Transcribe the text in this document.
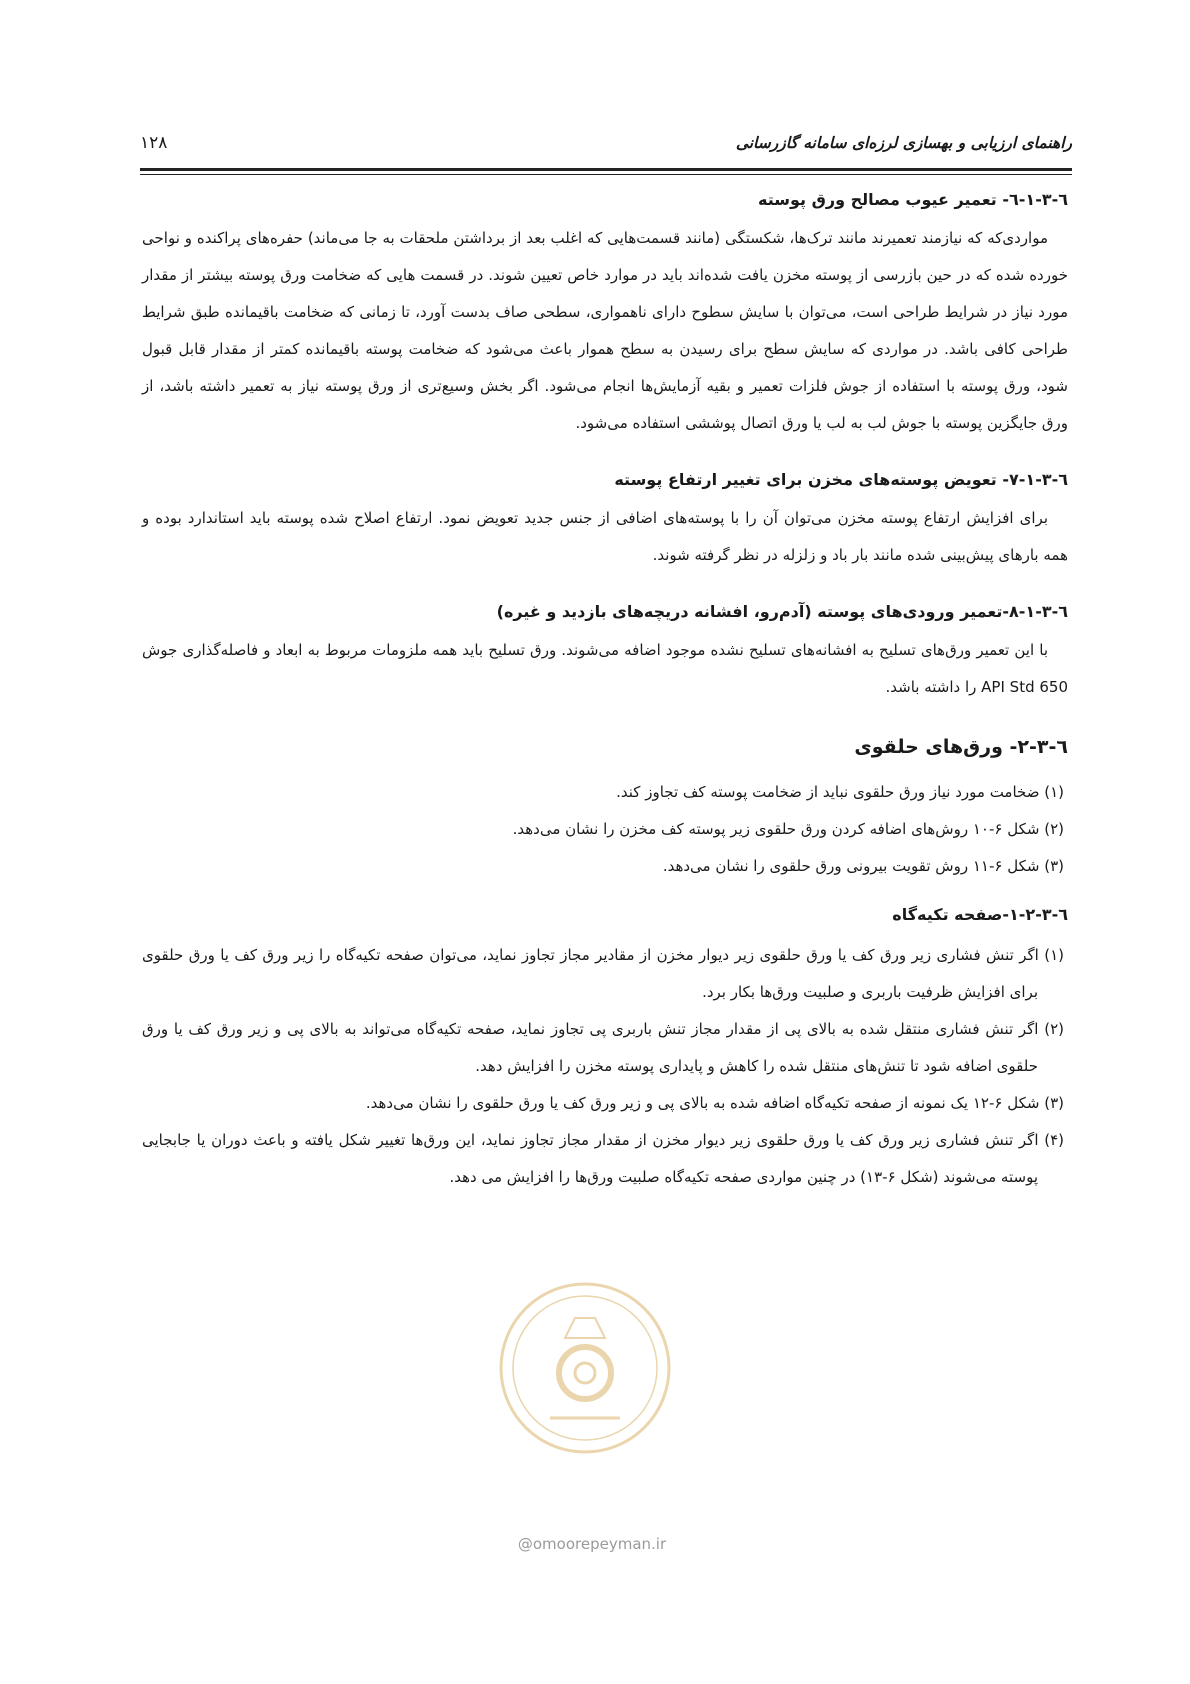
۱۲۸	راهنمای ارزیابی و بهسازی لرزه‌ای سامانه گازرسانی
٦-٣-١-٦- تعمیر عیوب مصالح ورق پوسته

مواردی‌که که نیازمند تعمیرند مانند ترک‌ها، شکستگی (مانند قسمت‌هایی که اغلب بعد از برداشتن ملحقات به جا می‌ماند) حفره‌های پراکنده و نواحی خورده شده که در حین بازرسی از پوسته مخزن یافت شده‌اند باید در موارد خاص تعیین شوند. در قسمت هایی که ضخامت ورق پوسته بیشتر از مقدار مورد نیاز در شرایط طراحی است، می‌توان با سایش سطوح دارای ناهمواری، سطحی صاف بدست آورد، تا زمانی که ضخامت باقیمانده طبق شرایط طراحی کافی باشد. در مواردی که سایش سطح برای رسیدن به سطح هموار باعث می‌شود که ضخامت پوسته باقیمانده کمتر از مقدار قابل قبول شود، ورق پوسته با استفاده از جوش فلزات تعمیر و بقیه آزمایش‌ها انجام می‌شود. اگر بخش وسیع‌تری از ورق پوسته نیاز به تعمیر داشته باشد، از ورق جایگزین پوسته با جوش لب به لب یا ورق اتصال پوششی استفاده می‌شود.

٦-٣-١-٧- تعویض پوسته‌های مخزن برای تغییر ارتفاع پوسته

برای افزایش ارتفاع پوسته مخزن می‌توان آن را با پوسته‌های اضافی از جنس جدید تعویض نمود. ارتفاع اصلاح شده پوسته باید استاندارد بوده و همه بارهای پیش‌بینی شده مانند بار باد و زلزله در نظر گرفته شوند.

٦-٣-١-٨-تعمیر ورودی‌های پوسته (آدم‌رو، افشانه دریچه‌های بازدید و غیره)

با این تعمیر ورق‌های تسلیح به افشانه‌های تسلیح نشده موجود اضافه می‌شوند. ورق تسلیح باید همه ملزومات مربوط به ابعاد و فاصله‌گذاری جوش API Std 650 را داشته باشد.

٦-٣-٢- ورق‌های حلقوی
(۱) ضخامت مورد نیاز ورق حلقوی نباید از ضخامت پوسته کف تجاوز کند.
(۲) شکل ۶-۱۰ روش‌های اضافه کردن ورق حلقوی زیر پوسته کف مخزن را نشان می‌دهد.
(۳) شکل ۶-۱۱ روش تقویت بیرونی ورق حلقوی را نشان می‌دهد.
٦-٣-٢-١-صفحه تکیه‌گاه
(۱) اگر تنش فشاری زیر ورق کف یا ورق حلقوی زیر دیوار مخزن از مقادیر مجاز تجاوز نماید، می‌توان صفحه تکیه‌گاه را زیر ورق کف یا ورق حلقوی برای افزایش ظرفیت باربری و صلبیت ورق‌ها بکار برد.
(۲) اگر تنش فشاری منتقل شده به بالای پی از مقدار مجاز تنش باربری پی تجاوز نماید، صفحه تکیه‌گاه می‌تواند به بالای پی و زیر ورق کف یا ورق حلقوی اضافه شود تا تنش‌های منتقل شده را کاهش و پایداری پوسته مخزن را افزایش دهد.
(۳) شکل ۶-۱۲ یک نمونه از صفحه تکیه‌گاه اضافه شده به بالای پی و زیر ورق کف یا ورق حلقوی را نشان می‌دهد.
(۴) اگر تنش فشاری زیر ورق کف یا ورق حلقوی زیر دیوار مخزن از مقدار مجاز تجاوز نماید، این ورق‌ها تغییر شکل یافته و باعث دوران یا جابجایی پوسته می‌شوند (شکل ۶-۱۳) در چنین مواردی صفحه تکیه‌گاه صلبیت ورق‌ها را افزایش می دهد.
@omoorepeyman.ir
